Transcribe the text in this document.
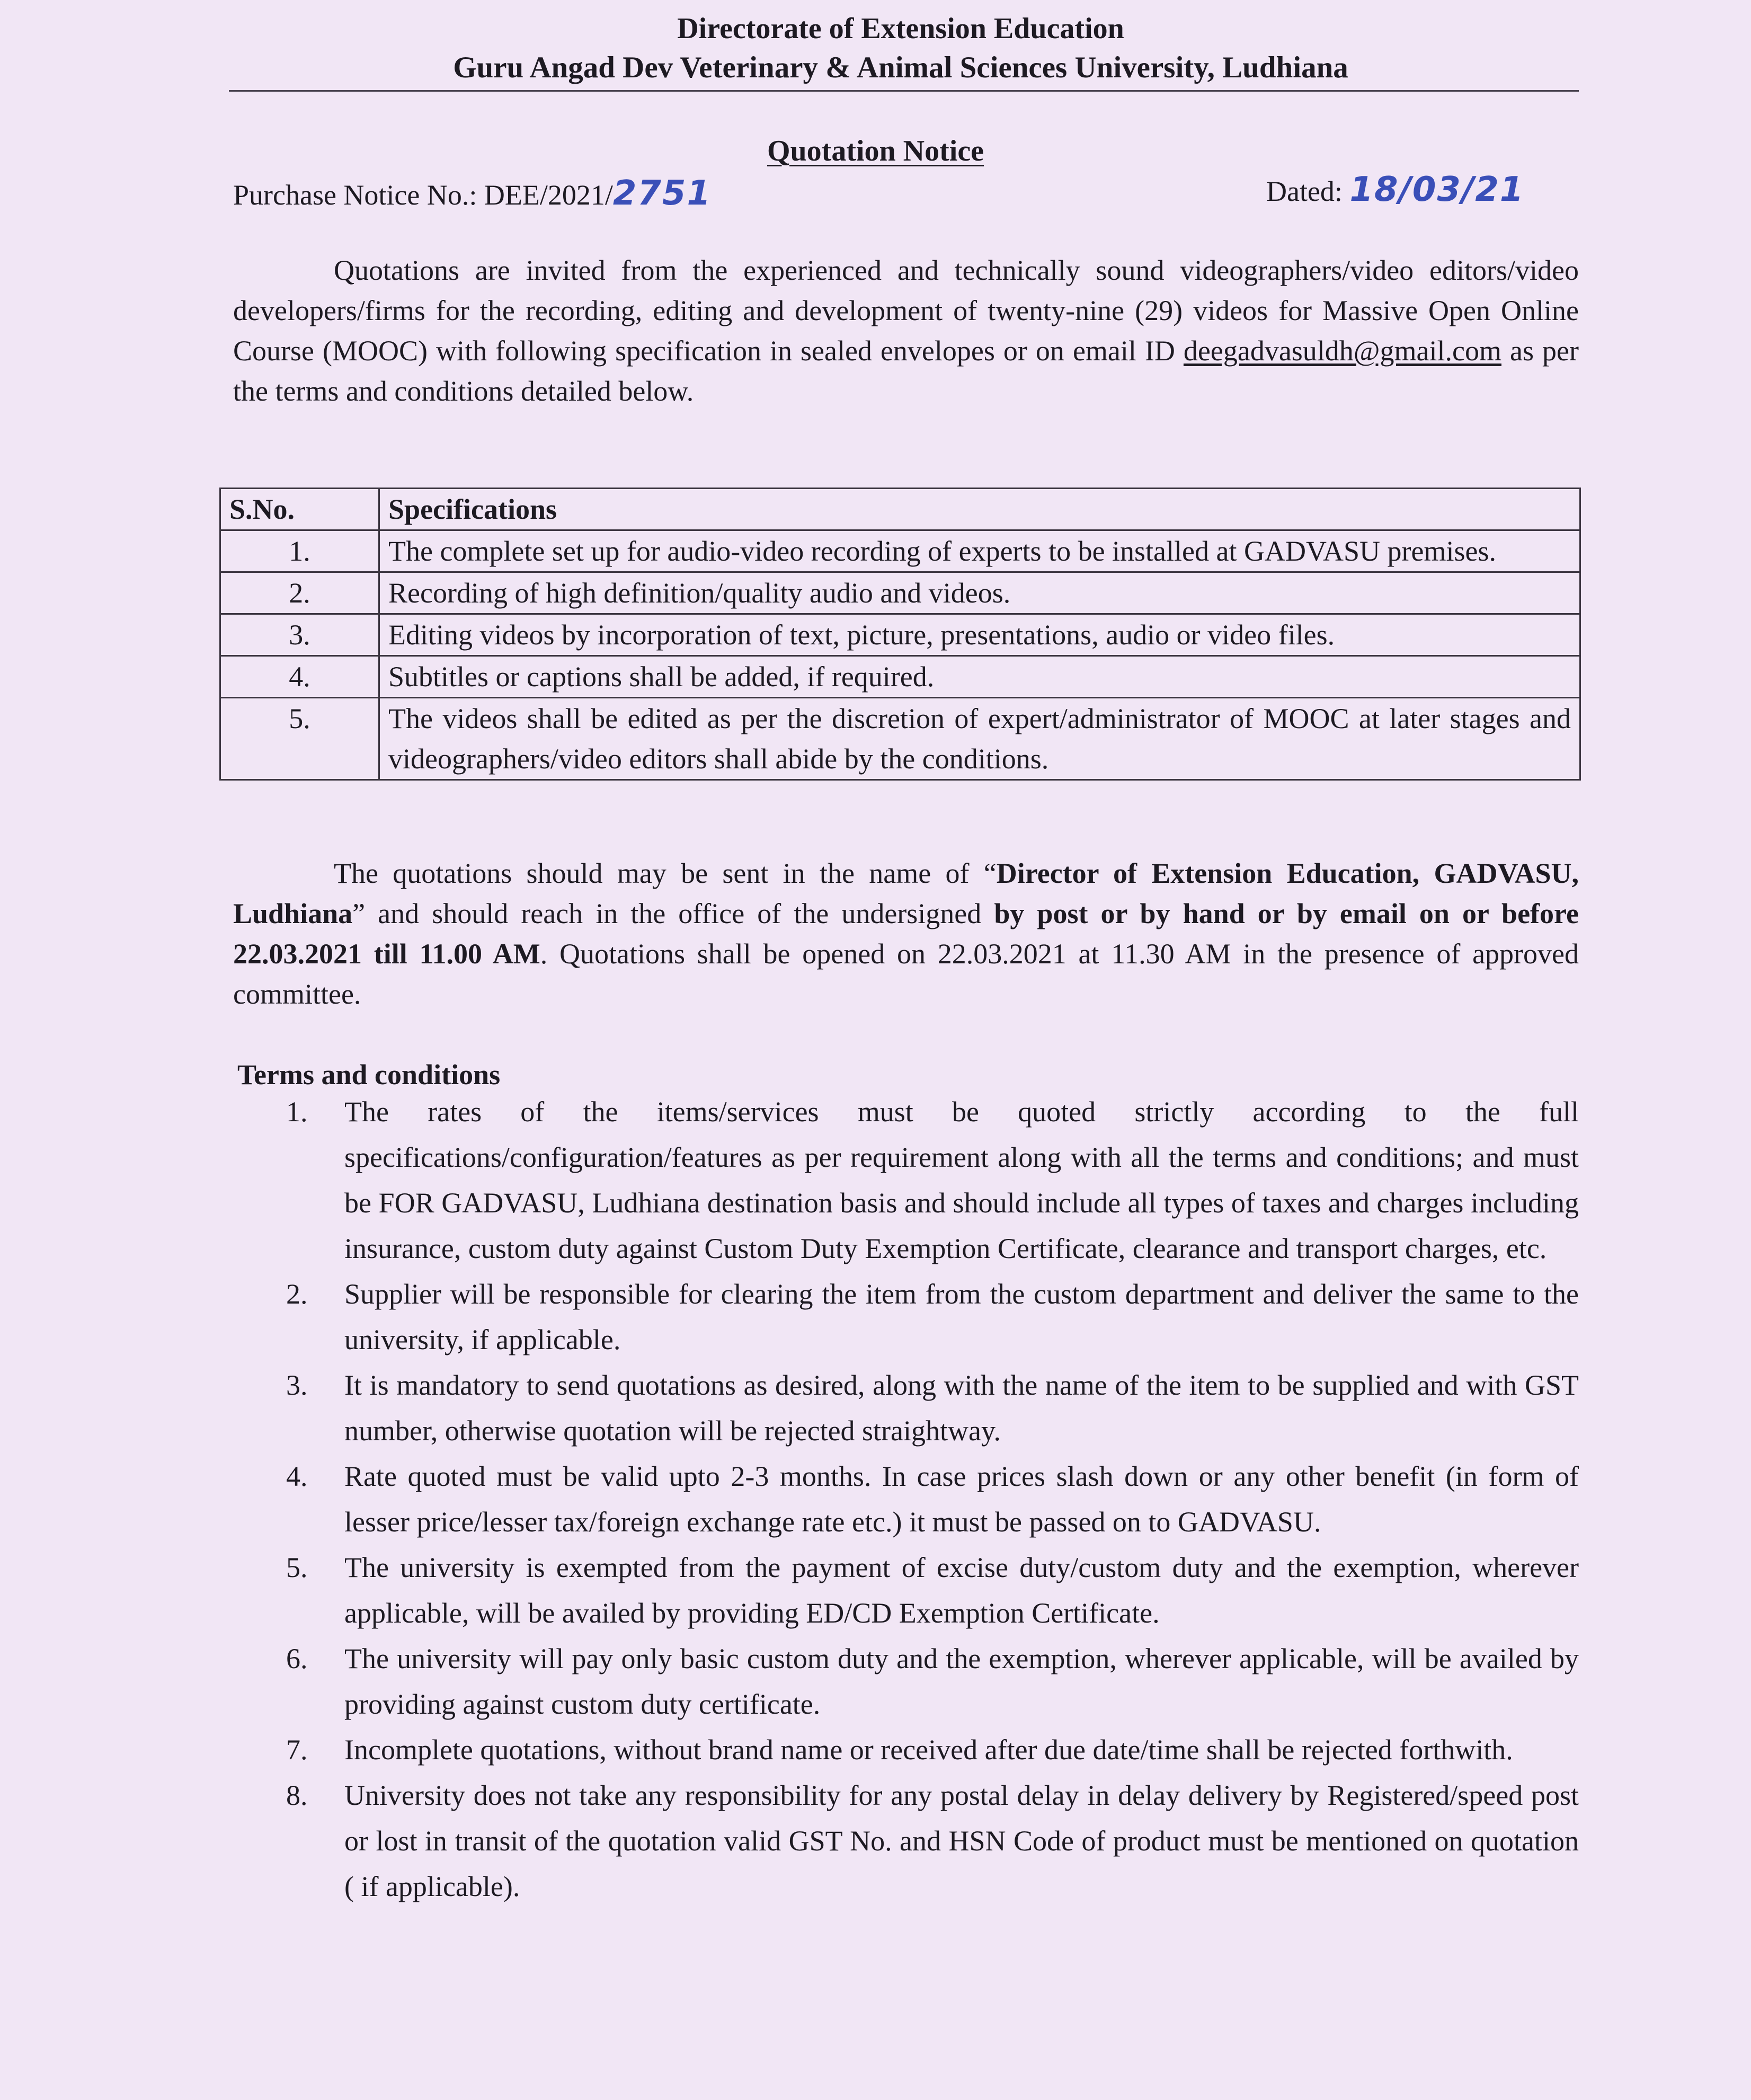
Directorate of Extension Education
Guru Angad Dev Veterinary & Animal Sciences University, Ludhiana
Quotation Notice
Purchase Notice No.: DEE/2021/2751	Dated: 18/03/21
Quotations are invited from the experienced and technically sound videographers/video editors/video developers/firms for the recording, editing and development of twenty-nine (29) videos for Massive Open Online Course (MOOC) with following specification in sealed envelopes or on email ID deegadvasuldh@gmail.com as per the terms and conditions detailed below.
S.No.	Specifications
1.	The complete set up for audio-video recording of experts to be installed at GADVASU premises.
2.	Recording of high definition/quality audio and videos.
3.	Editing videos by incorporation of text, picture, presentations, audio or video files.
4.	Subtitles or captions shall be added, if required.
5.	The videos shall be edited as per the discretion of expert/administrator of MOOC at later stages and videographers/video editors shall abide by the conditions.
The quotations should may be sent in the name of “Director of Extension Education, GADVASU, Ludhiana” and should reach in the office of the undersigned by post or by hand or by email on or before 22.03.2021 till 11.00 AM. Quotations shall be opened on 22.03.2021 at 11.30 AM in the presence of approved committee.
Terms and conditions
1.	The rates of the items/services must be quoted strictly according to the full specifications/configuration/features as per requirement along with all the terms and conditions; and must be FOR GADVASU, Ludhiana destination basis and should include all types of taxes and charges including insurance, custom duty against Custom Duty Exemption Certificate, clearance and transport charges, etc.
2.	Supplier will be responsible for clearing the item from the custom department and deliver the same to the university, if applicable.
3.	It is mandatory to send quotations as desired, along with the name of the item to be supplied and with GST number, otherwise quotation will be rejected straightway.
4.	Rate quoted must be valid upto 2-3 months. In case prices slash down or any other benefit (in form of lesser price/lesser tax/foreign exchange rate etc.) it must be passed on to GADVASU.
5.	The university is exempted from the payment of excise duty/custom duty and the exemption, wherever applicable, will be availed by providing ED/CD Exemption Certificate.
6.	The university will pay only basic custom duty and the exemption, wherever applicable, will be availed by providing against custom duty certificate.
7.	Incomplete quotations, without brand name or received after due date/time shall be rejected forthwith.
8.	University does not take any responsibility for any postal delay in delay delivery by Registered/speed post or lost in transit of the quotation valid GST No. and HSN Code of product must be mentioned on quotation ( if applicable).
